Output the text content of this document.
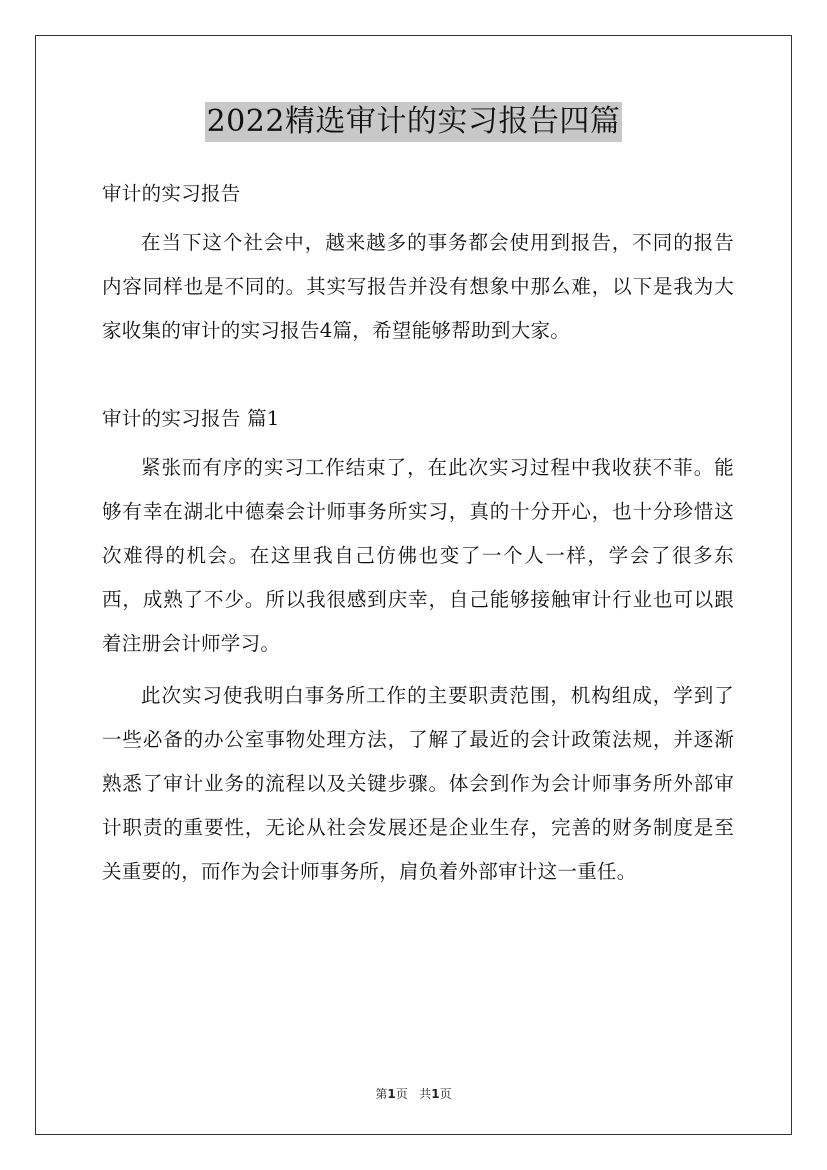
2022精选审计的实习报告四篇

审计的实习报告

在当下这个社会中，越来越多的事务都会使用到报告，不同的报告内容同样也是不同的。其实写报告并没有想象中那么难，以下是我为大家收集的审计的实习报告4篇，希望能够帮助到大家。

审计的实习报告 篇1

紧张而有序的实习工作结束了，在此次实习过程中我收获不菲。能够有幸在湖北中德秦会计师事务所实习，真的十分开心，也十分珍惜这次难得的机会。在这里我自己仿佛也变了一个人一样，学会了很多东西，成熟了不少。所以我很感到庆幸，自己能够接触审计行业也可以跟着注册会计师学习。

此次实习使我明白事务所工作的主要职责范围，机构组成，学到了一些必备的办公室事物处理方法，了解了最近的会计政策法规，并逐渐熟悉了审计业务的流程以及关键步骤。体会到作为会计师事务所外部审计职责的重要性，无论从社会发展还是企业生存，完善的财务制度是至关重要的，而作为会计师事务所，肩负着外部审计这一重任。

第1页 共1页
